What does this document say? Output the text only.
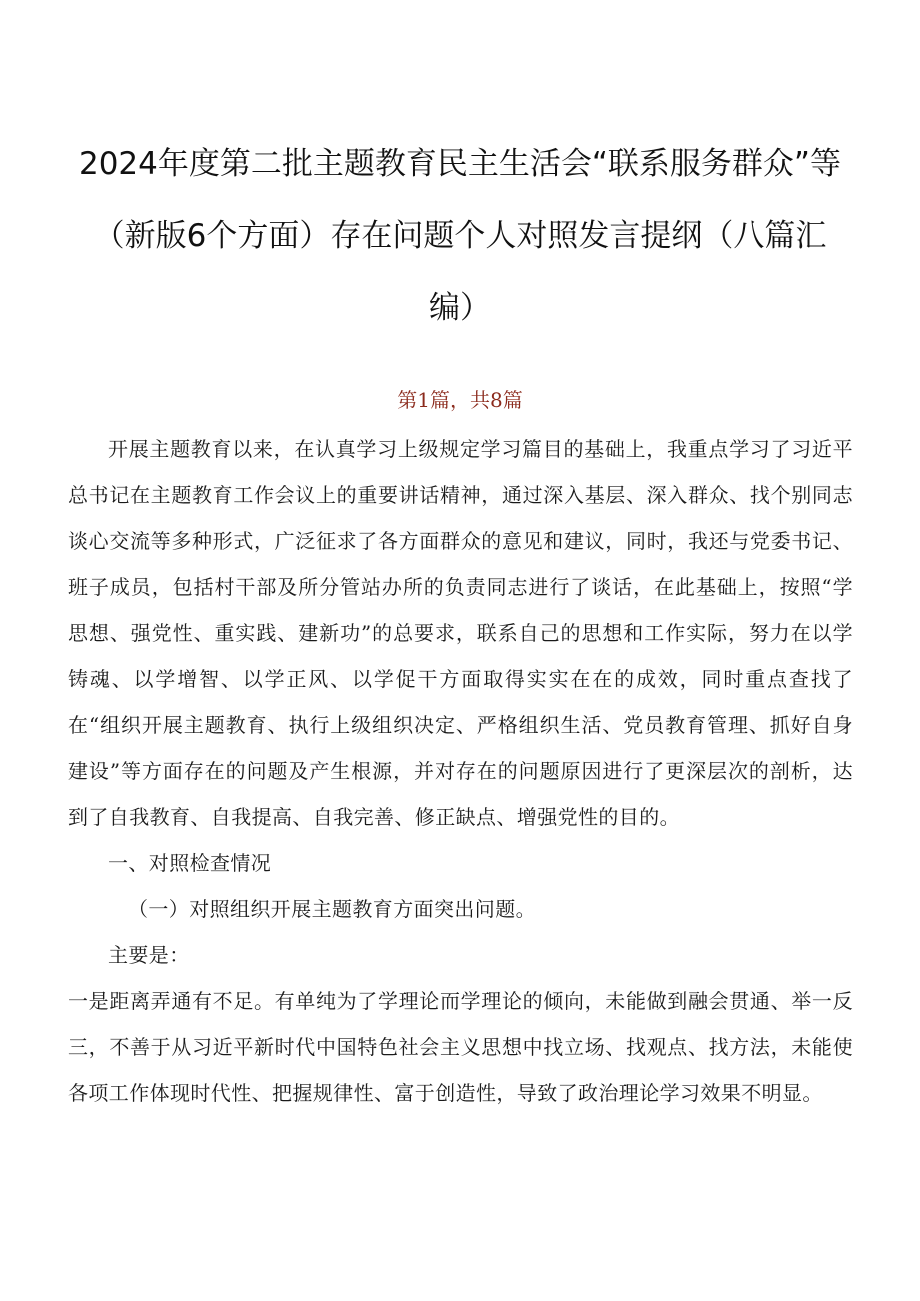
2024年度第二批主题教育民主生活会“联系服务群众”等
（新版6个方面）存在问题个人对照发言提纲（八篇汇
编）

第1篇，共8篇

开展主题教育以来，在认真学习上级规定学习篇目的基础上，我重点学习了习近平总书记在主题教育工作会议上的重要讲话精神，通过深入基层、深入群众、找个别同志谈心交流等多种形式，广泛征求了各方面群众的意见和建议，同时，我还与党委书记、班子成员，包括村干部及所分管站办所的负责同志进行了谈话，在此基础上，按照“学思想、强党性、重实践、建新功”的总要求，联系自己的思想和工作实际，努力在以学铸魂、以学增智、以学正风、以学促干方面取得实实在在的成效，同时重点查找了在“组织开展主题教育、执行上级组织决定、严格组织生活、党员教育管理、抓好自身建设”等方面存在的问题及产生根源，并对存在的问题原因进行了更深层次的剖析，达到了自我教育、自我提高、自我完善、修正缺点、增强党性的目的。

一、对照检查情况

（一）对照组织开展主题教育方面突出问题。

主要是：

一是距离弄通有不足。有单纯为了学理论而学理论的倾向，未能做到融会贯通、举一反三，不善于从习近平新时代中国特色社会主义思想中找立场、找观点、找方法，未能使各项工作体现时代性、把握规律性、富于创造性，导致了政治理论学习效果不明显。
